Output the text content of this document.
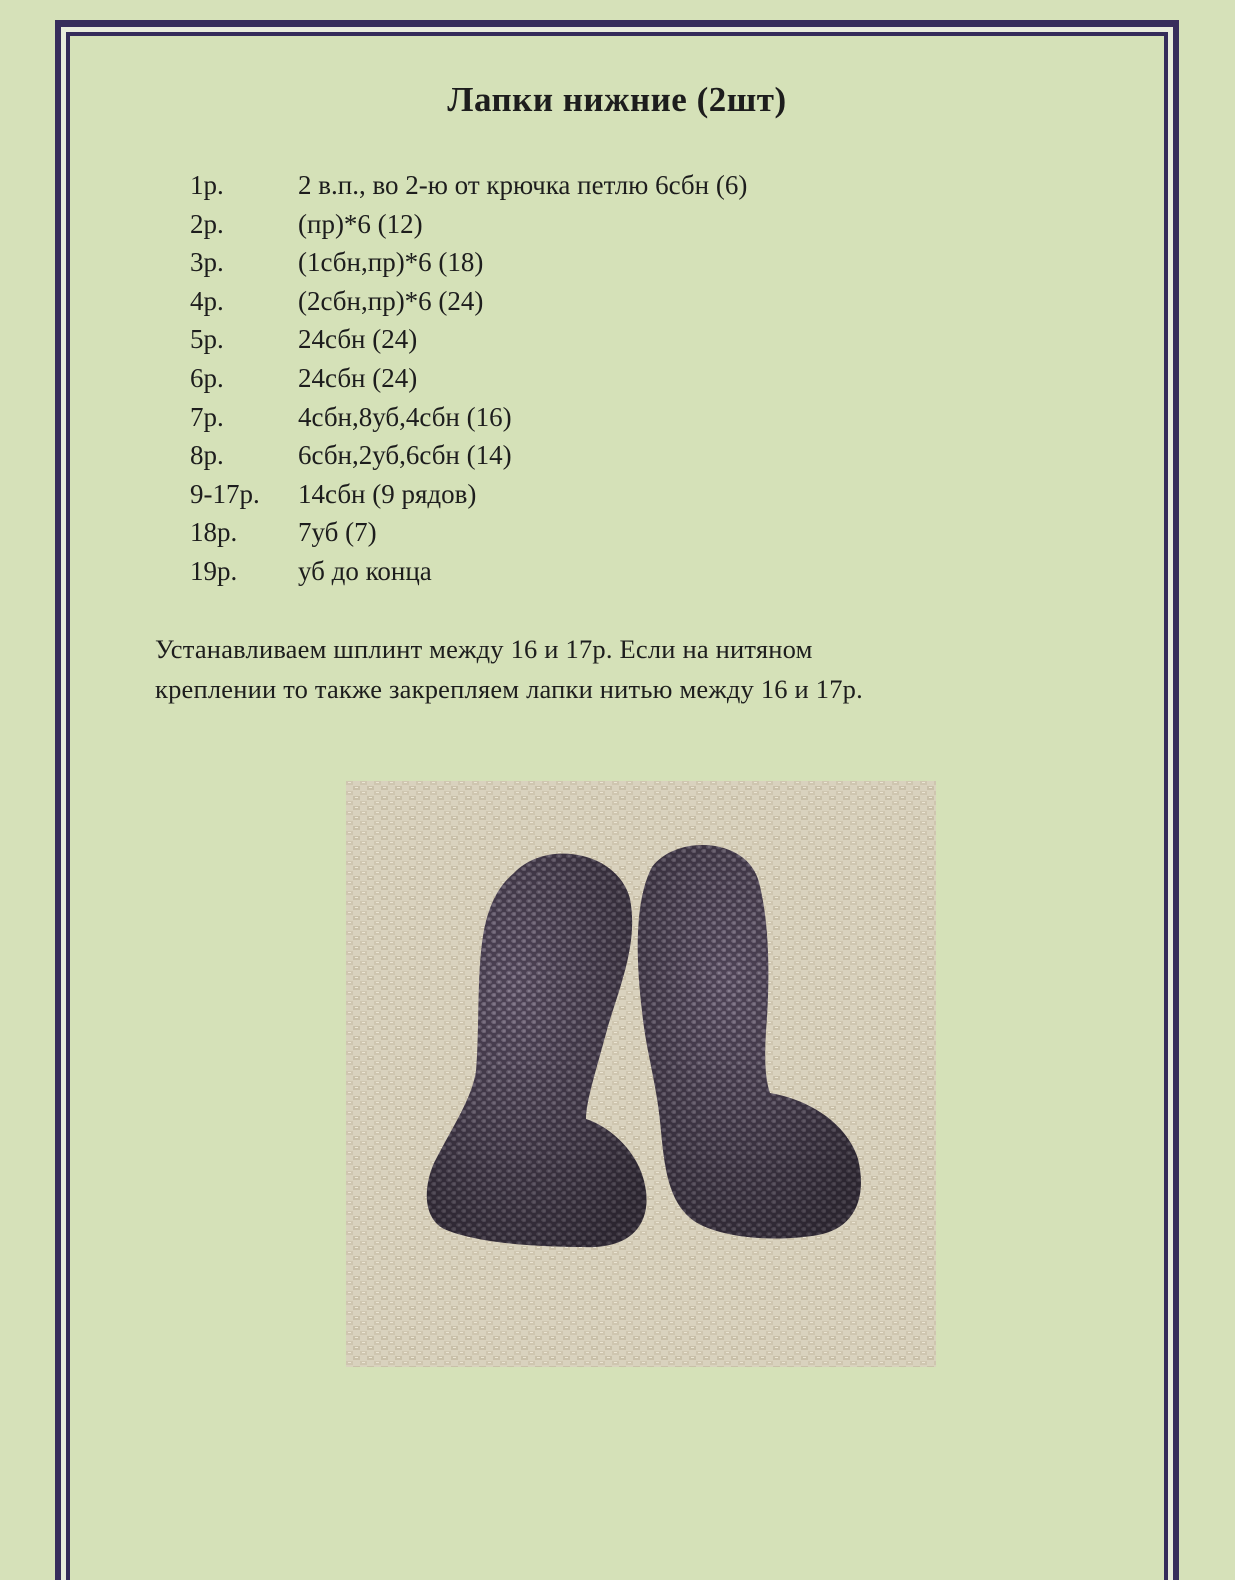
Лапки нижние (2шт)
1р.	2 в.п., во 2-ю от крючка петлю 6сбн (6)
2р.	(пр)*6 (12)
3р.	(1сбн,пр)*6 (18)
4р.	(2сбн,пр)*6 (24)
5р.	24сбн (24)
6р.	24сбн (24)
7р.	4сбн,8уб,4сбн (16)
8р.	6сбн,2уб,6сбн (14)
9-17р.	14сбн (9 рядов)
18р.	7уб (7)
19р.	уб до конца
Устанавливаем шплинт между 16 и 17р. Если на нитяном
креплении то также закрепляем лапки нитью между 16 и 17р.
